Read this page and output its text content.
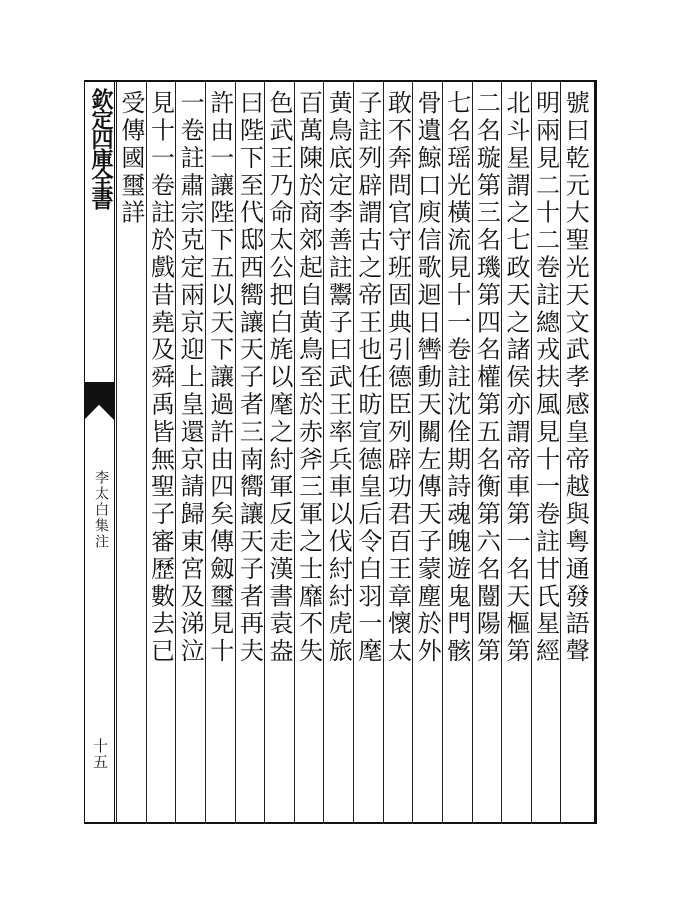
欽定四庫全書
李太白集注
十五
號曰乾元大聖光天文武孝感皇帝越與粤通發語聲
明兩見二十二卷註總戎扶風見十一卷註甘氏星經
北斗星謂之七政天之諸侯亦謂帝車第一名天樞第
二名璇第三名璣第四名權第五名衡第六名闓陽第
七名瑶光橫流見十一卷註沈佺期詩魂魄遊鬼門骸
骨遺鯨口庾信歌迴日轡動天關左傳天子蒙塵於外
敢不奔問官守班固典引德臣列辟功君百王章懷太
子註列辟謂古之帝王也任昉宣德皇后令白羽一麾
黄鳥底定李善註鬻子曰武王率兵車以伐紂紂虎旅
百萬陳於商郊起自黄鳥至於赤斧三軍之士靡不失
色武王乃命太公把白旄以麾之紂軍反走漢書袁盎
曰陛下至代邸西嚮讓天子者三南嚮讓天子者再夫
許由一讓陛下五以天下讓過許由四矣傳劔璽見十
一卷註肅宗克定兩京迎上皇還京請歸東宮及涕泣
見十一卷註於戲昔堯及舜禹皆無聖子審歷數去已
受傳國璽詳
